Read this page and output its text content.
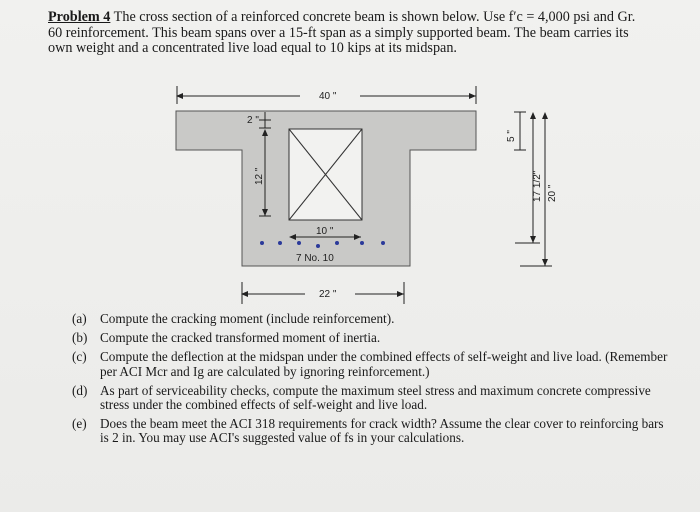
Problem 4 The cross section of a reinforced concrete beam is shown below. Use f′c = 4,000 psi and Gr.
60 reinforcement. This beam spans over a 15-ft span as a simply supported beam. The beam carries its
own weight and a concentrated live load equal to 10 kips at its midspan.
40 "
2 "
12 "
10 "
7 No. 10
5 "
17 1/2" 20 "
22 "
(a) Compute the cracking moment (include reinforcement).
(b) Compute the cracked transformed moment of inertia.
(c) Compute the deflection at the midspan under the combined effects of self-weight and live load. (Remember per ACI Mcr and Ig are calculated by ignoring reinforcement.)
(d) As part of serviceability checks, compute the maximum steel stress and maximum concrete compressive stress under the combined effects of self-weight and live load.
(e) Does the beam meet the ACI 318 requirements for crack width? Assume the clear cover to reinforcing bars is 2 in. You may use ACI's suggested value of fs in your calculations.
